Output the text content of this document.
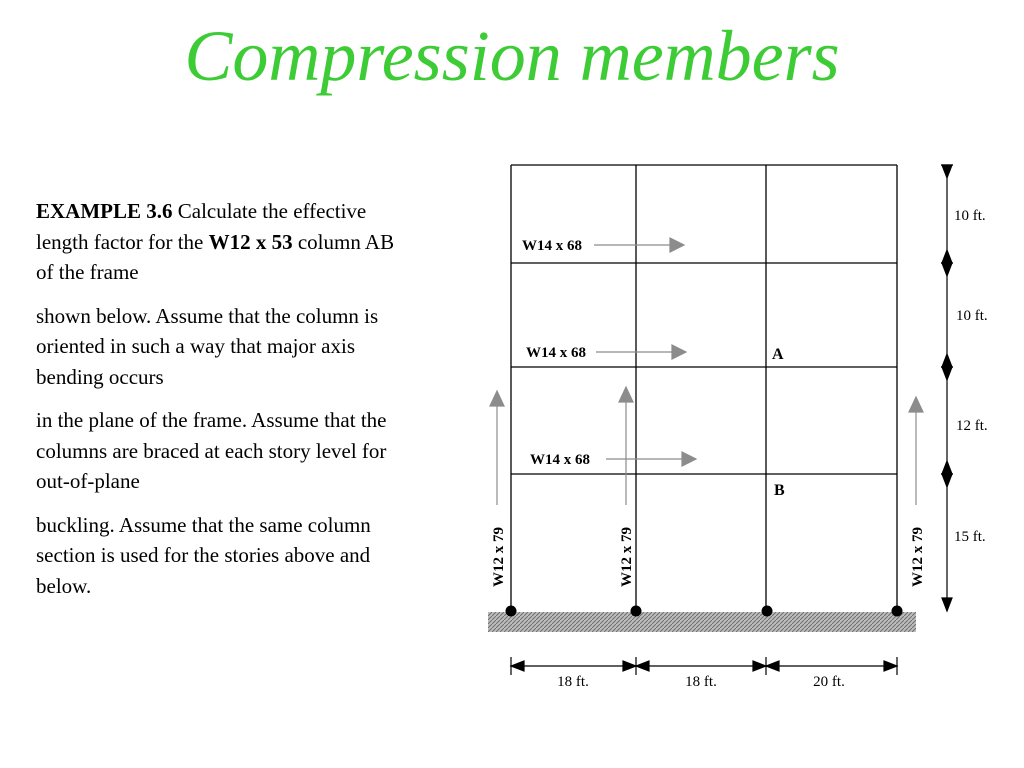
Compression members

EXAMPLE 3.6 Calculate the effective length factor for the W12 x 53 column AB of the frame

shown below. Assume that the column is oriented in such a way that major axis bending occurs

in the plane of the frame. Assume that the columns are braced at each story level for out-of-plane

buckling. Assume that the same column section is used for the stories above and below.

W14 x 68
W14 x 68
W14 x 68
W12 x 79	W12 x 79	W12 x 79
A
B
10 ft.
10 ft.
12 ft.
15 ft.
18 ft.	18 ft.	20 ft.
